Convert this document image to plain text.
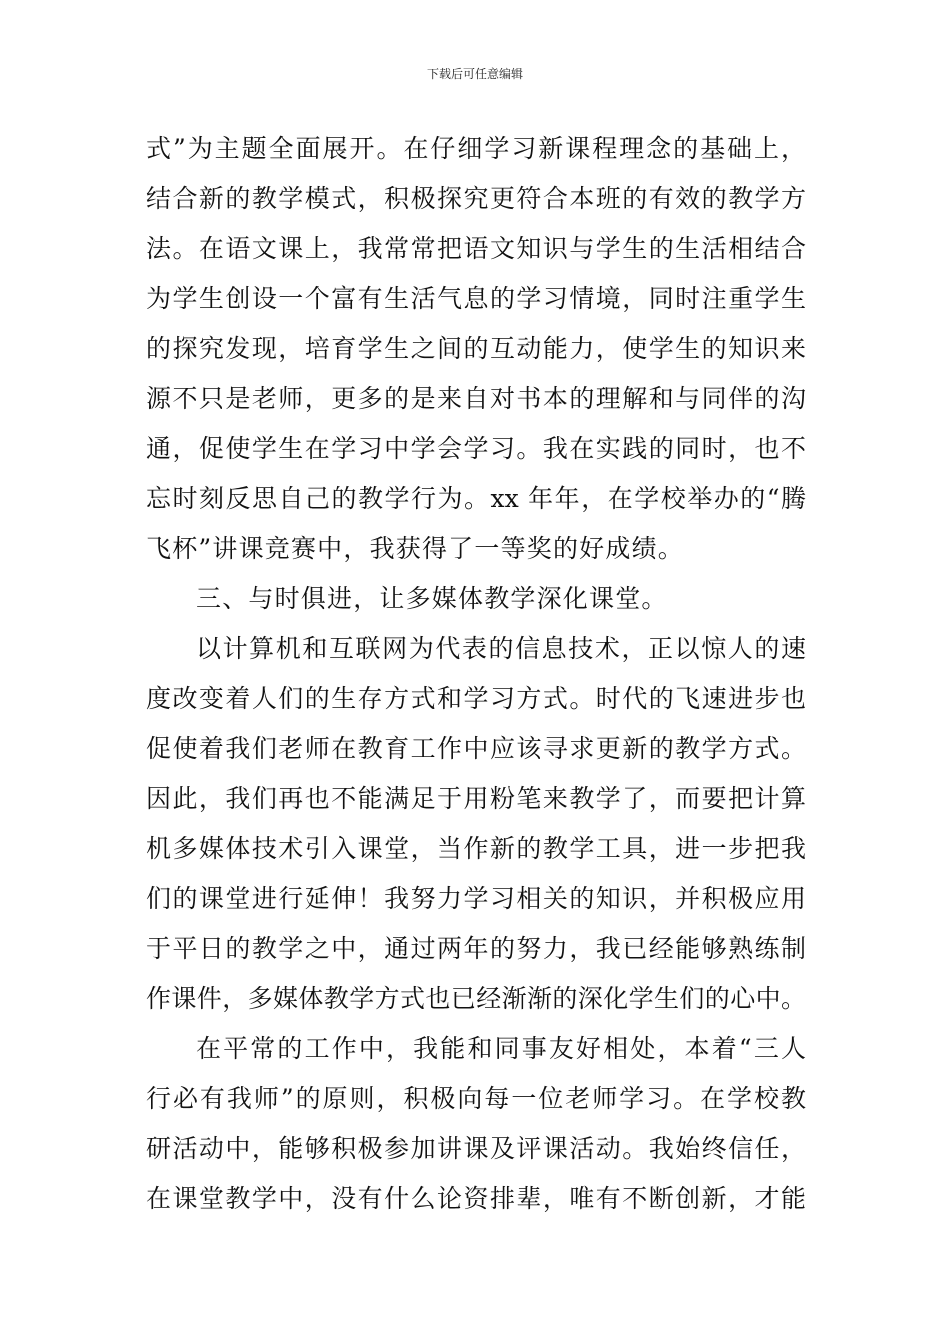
下载后可任意编辑
式”为主题全面展开。在仔细学习新课程理念的基础上，
结合新的教学模式，积极探究更符合本班的有效的教学方
法。在语文课上，我常常把语文知识与学生的生活相结合
为学生创设一个富有生活气息的学习情境，同时注重学生
的探究发现，培育学生之间的互动能力，使学生的知识来
源不只是老师，更多的是来自对书本的理解和与同伴的沟
通，促使学生在学习中学会学习。我在实践的同时，也不
忘时刻反思自己的教学行为。xx 年年，在学校举办的“腾
飞杯”讲课竞赛中，我获得了一等奖的好成绩。
三、与时俱进，让多媒体教学深化课堂。
以计算机和互联网为代表的信息技术，正以惊人的速
度改变着人们的生存方式和学习方式。时代的飞速进步也
促使着我们老师在教育工作中应该寻求更新的教学方式。
因此，我们再也不能满足于用粉笔来教学了，而要把计算
机多媒体技术引入课堂，当作新的教学工具，进一步把我
们的课堂进行延伸！我努力学习相关的知识，并积极应用
于平日的教学之中，通过两年的努力，我已经能够熟练制
作课件，多媒体教学方式也已经渐渐的深化学生们的心中。
在平常的工作中，我能和同事友好相处，本着“三人
行必有我师”的原则，积极向每一位老师学习。在学校教
研活动中，能够积极参加讲课及评课活动。我始终信任，
在课堂教学中，没有什么论资排辈，唯有不断创新，才能
